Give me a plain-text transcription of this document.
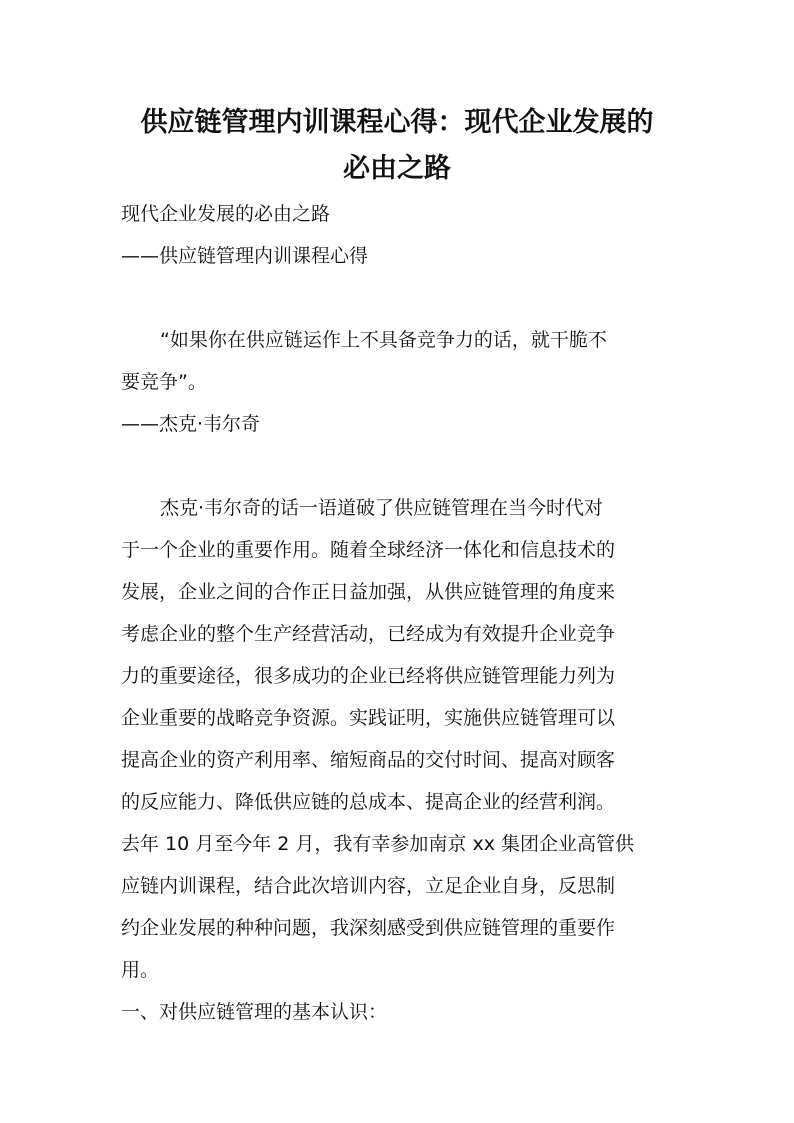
供应链管理内训课程心得：现代企业发展的
必由之路

现代企业发展的必由之路

——供应链管理内训课程心得

“如果你在供应链运作上不具备竞争力的话，就干脆不

要竞争”。

——杰克·韦尔奇

杰克·韦尔奇的话一语道破了供应链管理在当今时代对

于一个企业的重要作用。随着全球经济一体化和信息技术的

发展，企业之间的合作正日益加强，从供应链管理的角度来

考虑企业的整个生产经营活动，已经成为有效提升企业竞争

力的重要途径，很多成功的企业已经将供应链管理能力列为

企业重要的战略竞争资源。实践证明，实施供应链管理可以

提高企业的资产利用率、缩短商品的交付时间、提高对顾客

的反应能力、降低供应链的总成本、提高企业的经营利润。

去年 10 月至今年 2 月，我有幸参加南京 xx 集团企业高管供

应链内训课程，结合此次培训内容，立足企业自身，反思制

约企业发展的种种问题，我深刻感受到供应链管理的重要作

用。

一、对供应链管理的基本认识：
